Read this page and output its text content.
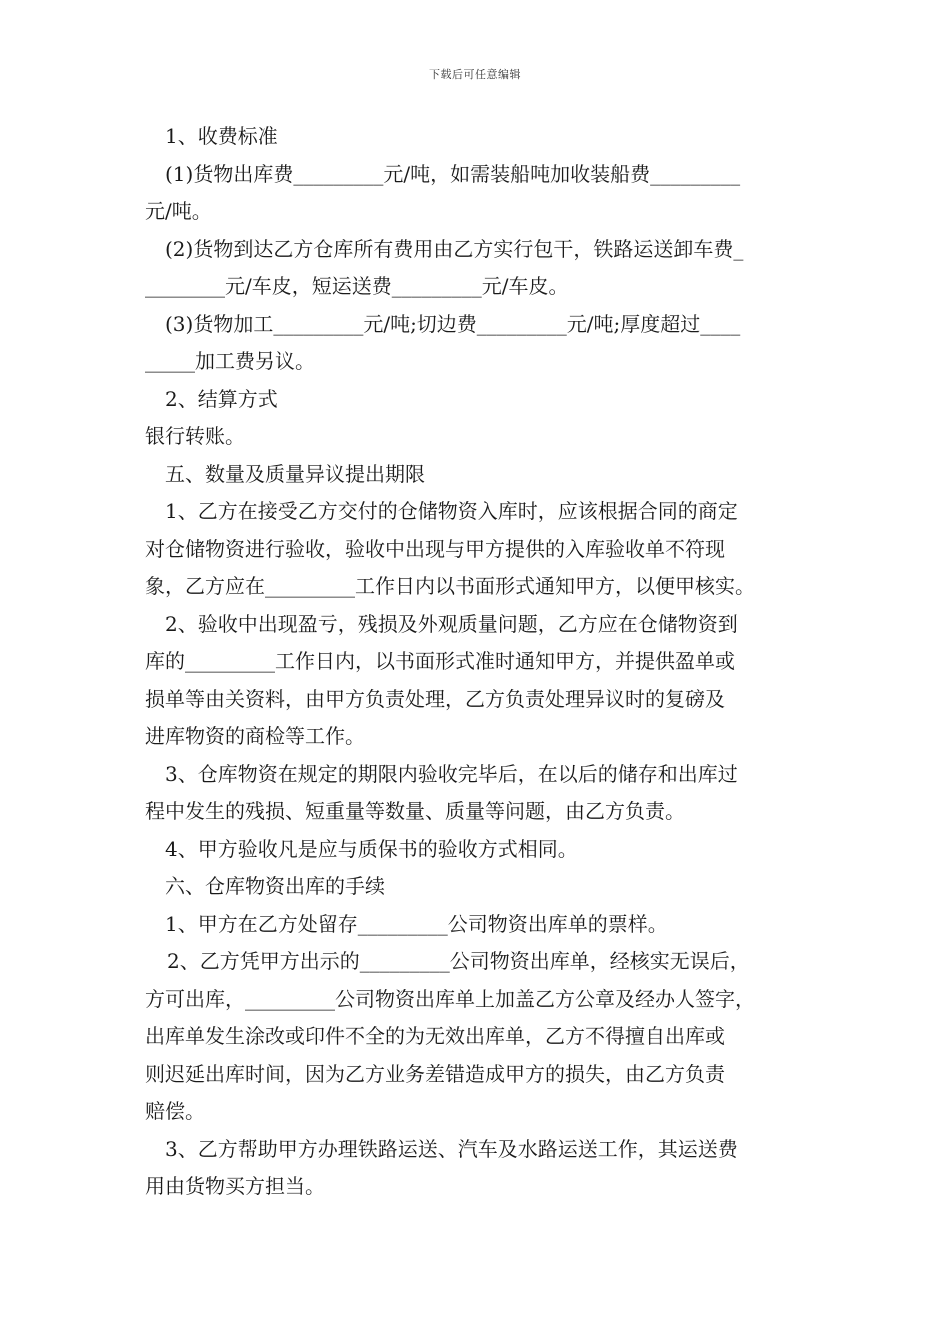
下载后可任意编辑
1、收费标准
(1)货物出库费_________元/吨，如需装船吨加收装船费_________
元/吨。
(2)货物到达乙方仓库所有费用由乙方实行包干，铁路运送卸车费_
________元/车皮，短运送费_________元/车皮。
(3)货物加工_________元/吨;切边费_________元/吨;厚度超过____
_____加工费另议。
2、结算方式
银行转账。
五、数量及质量异议提出期限
1、乙方在接受乙方交付的仓储物资入库时，应该根据合同的商定
对仓储物资进行验收，验收中出现与甲方提供的入库验收单不符现
象，乙方应在_________工作日内以书面形式通知甲方，以便甲核实。
2、验收中出现盈亏，残损及外观质量问题，乙方应在仓储物资到
库的_________工作日内，以书面形式准时通知甲方，并提供盈单或
损单等由关资料，由甲方负责处理，乙方负责处理异议时的复磅及
进库物资的商检等工作。
3、仓库物资在规定的期限内验收完毕后，在以后的储存和出库过
程中发生的残损、短重量等数量、质量等问题，由乙方负责。
4、甲方验收凡是应与质保书的验收方式相同。
六、仓库物资出库的手续
1、甲方在乙方处留存_________公司物资出库单的票样。
2、乙方凭甲方出示的_________公司物资出库单，经核实无误后，
方可出库，_________公司物资出库单上加盖乙方公章及经办人签字，
出库单发生涂改或印件不全的为无效出库单，乙方不得擅自出库或
则迟延出库时间，因为乙方业务差错造成甲方的损失，由乙方负责
赔偿。
3、乙方帮助甲方办理铁路运送、汽车及水路运送工作，其运送费
用由货物买方担当。
